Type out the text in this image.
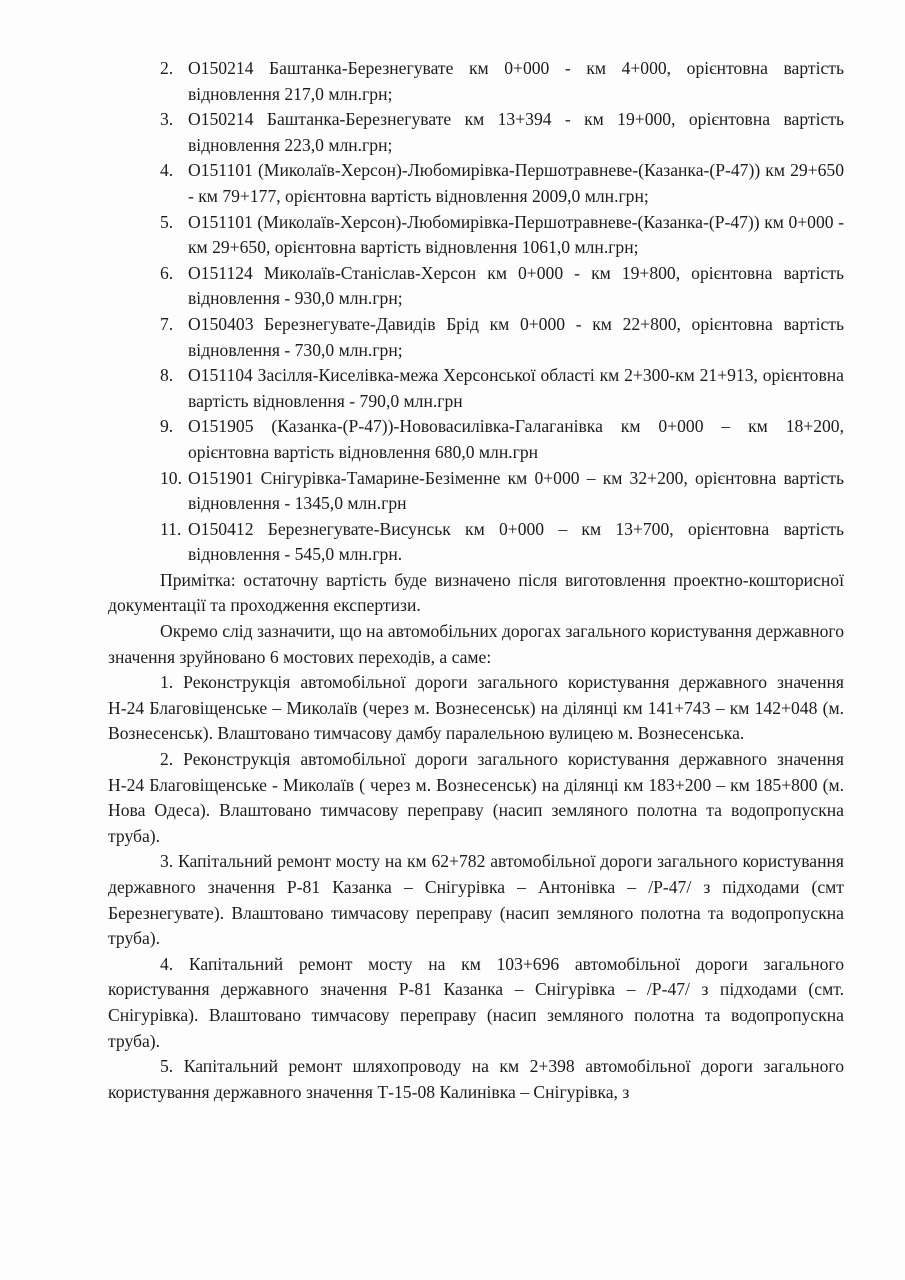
2. О150214 Баштанка-Березнегувате км 0+000 - км 4+000, орієнтовна вартість відновлення 217,0 млн.грн;
3. О150214 Баштанка-Березнегувате км 13+394 - км 19+000, орієнтовна вартість відновлення 223,0 млн.грн;
4. О151101 (Миколаїв-Херсон)-Любомирівка-Першотравневе-(Казанка-(Р-47)) км 29+650 - км 79+177, орієнтовна вартість відновлення 2009,0 млн.грн;
5. О151101 (Миколаїв-Херсон)-Любомирівка-Першотравневе-(Казанка-(Р-47)) км 0+000 - км 29+650, орієнтовна вартість відновлення 1061,0 млн.грн;
6. О151124 Миколаїв-Станіслав-Херсон км 0+000 - км 19+800, орієнтовна вартість відновлення - 930,0 млн.грн;
7. О150403 Березнегувате-Давидів Брід км 0+000 - км 22+800, орієнтовна вартість відновлення - 730,0 млн.грн;
8. О151104 Засілля-Киселівка-межа Херсонської області км 2+300-км 21+913, орієнтовна вартість відновлення - 790,0 млн.грн
9. О151905 (Казанка-(Р-47))-Нововасилівка-Галаганівка км 0+000 – км 18+200, орієнтовна вартість відновлення 680,0 млн.грн
10. О151901 Снігурівка-Тамарине-Безіменне км 0+000 – км 32+200, орієнтовна вартість відновлення - 1345,0 млн.грн
11. О150412 Березнегувате-Висунськ км 0+000 – км 13+700, орієнтовна вартість відновлення - 545,0 млн.грн.

Примітка: остаточну вартість буде визначено після виготовлення проектно-кошторисної документації та проходження експертизи.

Окремо слід зазначити, що на автомобільних дорогах загального користування державного значення зруйновано 6 мостових переходів, а саме:

1. Реконструкція автомобільної дороги загального користування державного значення Н-24 Благовіщенське – Миколаїв (через м. Вознесенськ) на ділянці км 141+743 – км 142+048 (м. Вознесенськ). Влаштовано тимчасову дамбу паралельною вулицею м. Вознесенська.

2. Реконструкція автомобільної дороги загального користування державного значення Н-24 Благовіщенське - Миколаїв ( через м. Вознесенськ) на ділянці км 183+200 – км 185+800 (м. Нова Одеса). Влаштовано тимчасову переправу (насип земляного полотна та водопропускна труба).

3. Капітальний ремонт мосту на км 62+782 автомобільної дороги загального користування державного значення Р-81 Казанка – Снігурівка – Антонівка – /Р-47/ з підходами (смт Березнегувате). Влаштовано тимчасову переправу (насип земляного полотна та водопропускна труба).

4. Капітальний ремонт мосту на км 103+696 автомобільної дороги загального користування державного значення Р-81 Казанка – Снігурівка – /Р-47/ з підходами (смт. Снігурівка). Влаштовано тимчасову переправу (насип земляного полотна та водопропускна труба).

5. Капітальний ремонт шляхопроводу на км 2+398 автомобільної дороги загального користування державного значення Т-15-08 Калинівка – Снігурівка, з
